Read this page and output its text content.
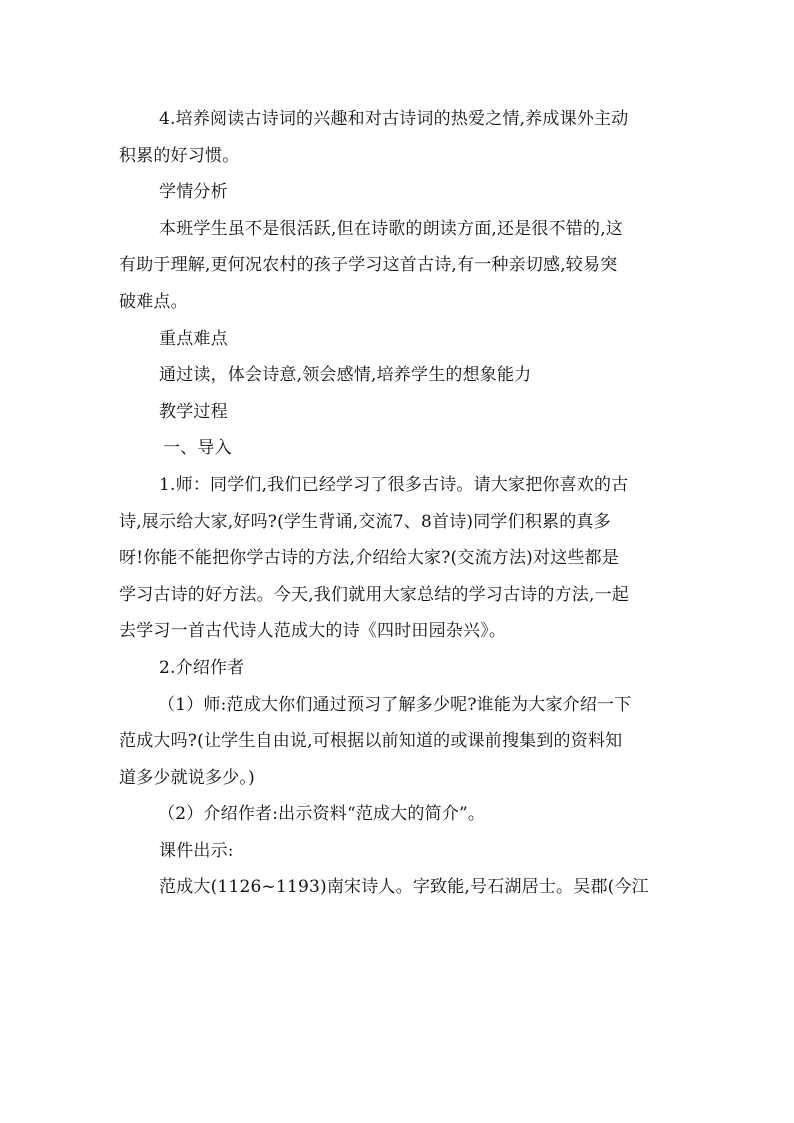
4.培养阅读古诗词的兴趣和对古诗词的热爱之情,养成课外主动
积累的好习惯。
学情分析
本班学生虽不是很活跃,但在诗歌的朗读方面,还是很不错的,这
有助于理解,更何况农村的孩子学习这首古诗,有一种亲切感,较易突
破难点。
重点难点
通过读，体会诗意,领会感情,培养学生的想象能力
教学过程
一、导入
1.师：同学们,我们已经学习了很多古诗。请大家把你喜欢的古
诗,展示给大家,好吗?(学生背诵,交流7、8首诗)同学们积累的真多
呀!你能不能把你学古诗的方法,介绍给大家?(交流方法)对这些都是
学习古诗的好方法。今天,我们就用大家总结的学习古诗的方法,一起
去学习一首古代诗人范成大的诗《四时田园杂兴》。
2.介绍作者
（1）师:范成大你们通过预习了解多少呢?谁能为大家介绍一下
范成大吗?(让学生自由说,可根据以前知道的或课前搜集到的资料知
道多少就说多少。)
（2）介绍作者:出示资料“范成大的简介”。
课件出示:
范成大(1126~1193)南宋诗人。字致能,号石湖居士。吴郡(今江
